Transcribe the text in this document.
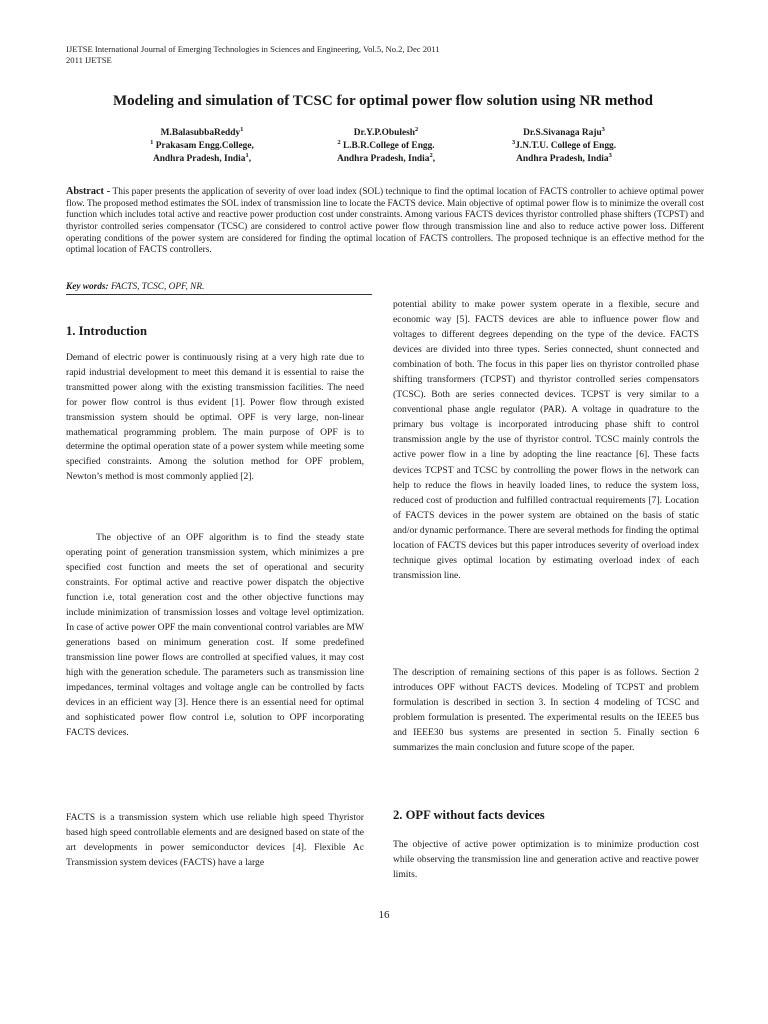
IJETSE International Journal of Emerging Technologies in Sciences and Engineering, Vol.5, No.2, Dec 2011
2011 IJETSE
Modeling and simulation of TCSC for optimal power flow solution using NR method
M.BalasubbaReddy$^1$
$^1$ Prakasam Engg.College,
Andhra Pradesh, India$^1$,
Dr.Y.P.Obulesh$^2$
$^2$ L.B.R.College of Engg.
Andhra Pradesh, India$^2$,
Dr.S.Sivanaga Raju$^3$
$^3$J.N.T.U. College of Engg.
Andhra Pradesh, India$^3$
Abstract - This paper presents the application of severity of over load index (SOL) technique to find the optimal location of FACTS controller to achieve optimal power flow. The proposed method estimates the SOL index of transmission line to locate the FACTS device. Main objective of optimal power flow is to minimize the overall cost function which includes total active and reactive power production cost under constraints. Among various FACTS devices thyristor controlled phase shifters (TCPST) and thyristor controlled series compensator (TCSC) are considered to control active power flow through transmission line and also to reduce active power loss. Different operating conditions of the power system are considered for finding the optimal location of FACTS controllers. The proposed technique is an effective method for the optimal location of FACTS controllers.
Key words: FACTS, TCSC, OPF, NR.
1. Introduction

Demand of electric power is continuously rising at a very high rate due to rapid industrial development to meet this demand it is essential to raise the transmitted power along with the existing transmission facilities. The need for power flow control is thus evident [1]. Power flow through existed transmission system should be optimal. OPF is very large, non-linear mathematical programming problem. The main purpose of OPF is to determine the optimal operation state of a power system while meeting some specified constraints. Among the solution method for OPF problem, Newton’s method is most commonly applied [2].

The objective of an OPF algorithm is to find the steady state operating point of generation transmission system, which minimizes a pre specified cost function and meets the set of operational and security constraints. For optimal active and reactive power dispatch the objective function i.e, total generation cost and the other objective functions may include minimization of transmission losses and voltage level optimization. In case of active power OPF the main conventional control variables are MW generations based on minimum generation cost. If some predefined transmission line power flows are controlled at specified values, it may cost high with the generation schedule. The parameters such as transmission line impedances, terminal voltages and voltage angle can be controlled by facts devices in an efficient way [3]. Hence there is an essential need for optimal and sophisticated power flow control i.e, solution to OPF incorporating FACTS devices.

FACTS is a transmission system which use reliable high speed Thyristor based high speed controllable elements and are designed based on state of the art developments in power semiconductor devices [4]. Flexible Ac Transmission system devices (FACTS) have a large

potential ability to make power system operate in a flexible, secure and economic way [5]. FACTS devices are able to influence power flow and voltages to different degrees depending on the type of the device. FACTS devices are divided into three types. Series connected, shunt connected and combination of both. The focus in this paper lies on thyristor controlled phase shifting transformers (TCPST) and thyristor controlled series compensators (TCSC). Both are series connected devices. TCPST is very similar to a conventional phase angle regulator (PAR). A voltage in quadrature to the primary bus voltage is incorporated introducing phase shift to control transmission angle by the use of thyristor control. TCSC mainly controls the active power flow in a line by adopting the line reactance [6]. These facts devices TCPST and TCSC by controlling the power flows in the network can help to reduce the flows in heavily loaded lines, to reduce the system loss, reduced cost of production and fulfilled contractual requirements [7]. Location of FACTS devices in the power system are obtained on the basis of static and/or dynamic performance. There are several methods for finding the optimal location of FACTS devices but this paper introduces severity of overload index technique gives optimal location by estimating overload index of each transmission line.

The description of remaining sections of this paper is as follows. Section 2 introduces OPF without FACTS devices. Modeling of TCPST and problem formulation is described in section 3. In section 4 modeling of TCSC and problem formulation is presented. The experimental results on the IEEE5 bus and IEEE30 bus systems are presented in section 5. Finally section 6 summarizes the main conclusion and future scope of the paper.

2. OPF without facts devices

The objective of active power optimization is to minimize production cost while observing the transmission line and generation active and reactive power limits.

16
